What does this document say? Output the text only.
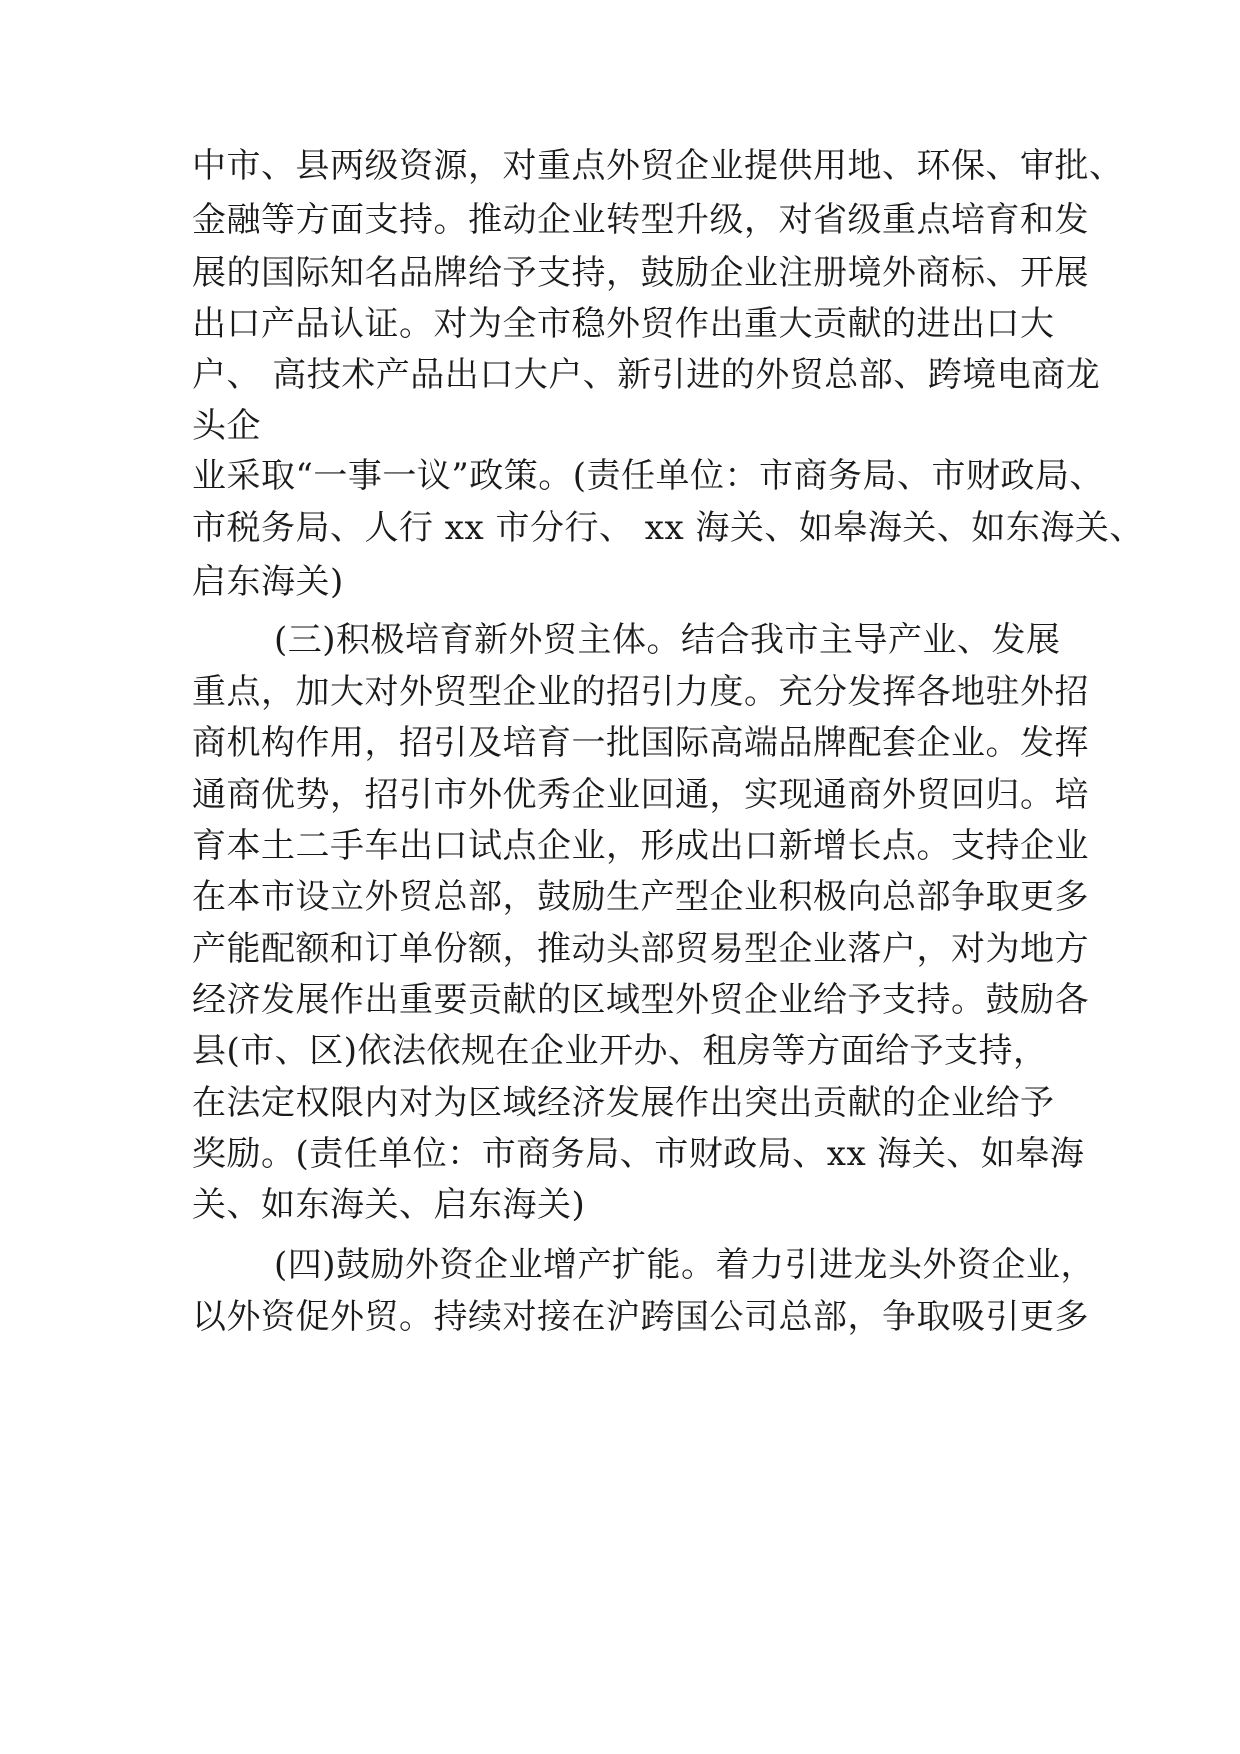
中市、县两级资源，对重点外贸企业提供用地、环保、审批、
金融等方面支持。推动企业转型升级，对省级重点培育和发
展的国际知名品牌给予支持，鼓励企业注册境外商标、开展
出口产品认证。对为全市稳外贸作出重大贡献的进出口大
户、 高技术产品出口大户、新引进的外贸总部、跨境电商龙
头企
业采取“一事一议”政策。(责任单位：市商务局、市财政局、
市税务局、人行 xx 市分行、 xx 海关、如皋海关、如东海关、
启东海关)
(三)积极培育新外贸主体。结合我市主导产业、发展
重点，加大对外贸型企业的招引力度。充分发挥各地驻外招
商机构作用，招引及培育一批国际高端品牌配套企业。发挥
通商优势，招引市外优秀企业回通，实现通商外贸回归。培
育本土二手车出口试点企业，形成出口新增长点。支持企业
在本市设立外贸总部，鼓励生产型企业积极向总部争取更多
产能配额和订单份额，推动头部贸易型企业落户，对为地方
经济发展作出重要贡献的区域型外贸企业给予支持。鼓励各
县(市、区)依法依规在企业开办、租房等方面给予支持，
在法定权限内对为区域经济发展作出突出贡献的企业给予
奖励。(责任单位：市商务局、市财政局、xx 海关、如皋海
关、如东海关、启东海关)
(四)鼓励外资企业增产扩能。着力引进龙头外资企业，
以外资促外贸。持续对接在沪跨国公司总部，争取吸引更多
